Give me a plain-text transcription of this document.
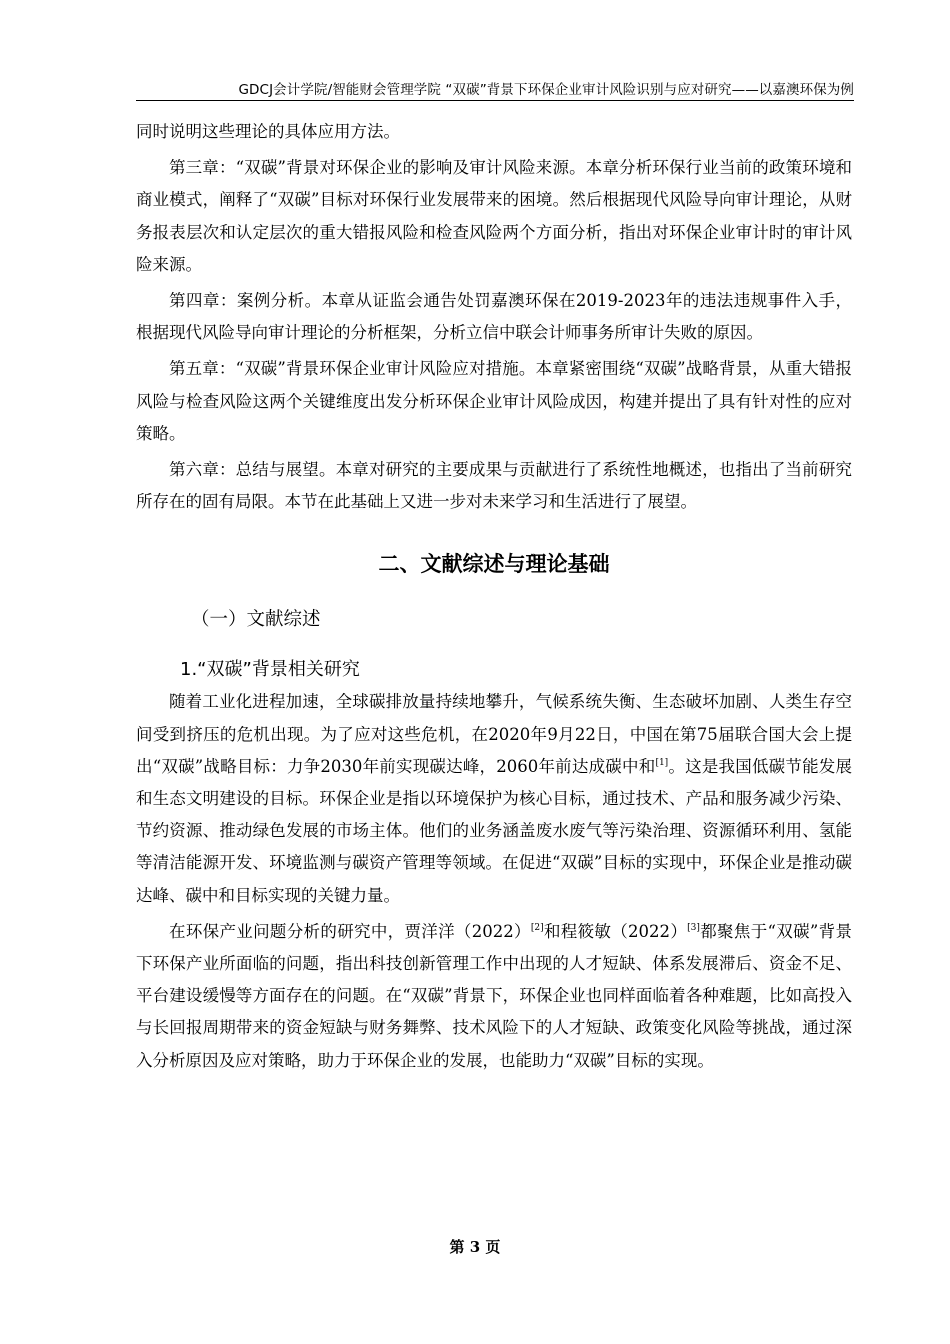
GDCJ会计学院/智能财会管理学院 “双碳”背景下环保企业审计风险识别与应对研究——以嘉澳环保为例

同时说明这些理论的具体应用方法。

第三章：“双碳”背景对环保企业的影响及审计风险来源。本章分析环保行业当前的政策环境和商业模式，阐释了“双碳”目标对环保行业发展带来的困境。然后根据现代风险导向审计理论，从财务报表层次和认定层次的重大错报风险和检查风险两个方面分析，指出对环保企业审计时的审计风险来源。

第四章：案例分析。本章从证监会通告处罚嘉澳环保在2019-2023年的违法违规事件入手，根据现代风险导向审计理论的分析框架，分析立信中联会计师事务所审计失败的原因。

第五章：“双碳”背景环保企业审计风险应对措施。本章紧密围绕“双碳”战略背景，从重大错报风险与检查风险这两个关键维度出发分析环保企业审计风险成因，构建并提出了具有针对性的应对策略。

第六章：总结与展望。本章对研究的主要成果与贡献进行了系统性地概述，也指出了当前研究所存在的固有局限。本节在此基础上又进一步对未来学习和生活进行了展望。

二、文献综述与理论基础
（一）文献综述
1.“双碳”背景相关研究

随着工业化进程加速，全球碳排放量持续地攀升，气候系统失衡、生态破坏加剧、人类生存空间受到挤压的危机出现。为了应对这些危机，在2020年9月22日，中国在第75届联合国大会上提出“双碳”战略目标：力争2030年前实现碳达峰，2060年前达成碳中和[1]。这是我国低碳节能发展和生态文明建设的目标。环保企业是指以环境保护为核心目标，通过技术、产品和服务减少污染、节约资源、推动绿色发展的市场主体。他们的业务涵盖废水废气等污染治理、资源循环利用、氢能等清洁能源开发、环境监测与碳资产管理等领域。在促进“双碳”目标的实现中，环保企业是推动碳达峰、碳中和目标实现的关键力量。

在环保产业问题分析的研究中，贾洋洋（2022）[2]和程筱敏（2022）[3]都聚焦于“双碳”背景下环保产业所面临的问题，指出科技创新管理工作中出现的人才短缺、体系发展滞后、资金不足、平台建设缓慢等方面存在的问题。在“双碳”背景下，环保企业也同样面临着各种难题，比如高投入与长回报周期带来的资金短缺与财务舞弊、技术风险下的人才短缺、政策变化风险等挑战，通过深入分析原因及应对策略，助力于环保企业的发展，也能助力“双碳”目标的实现。

第 3 页
